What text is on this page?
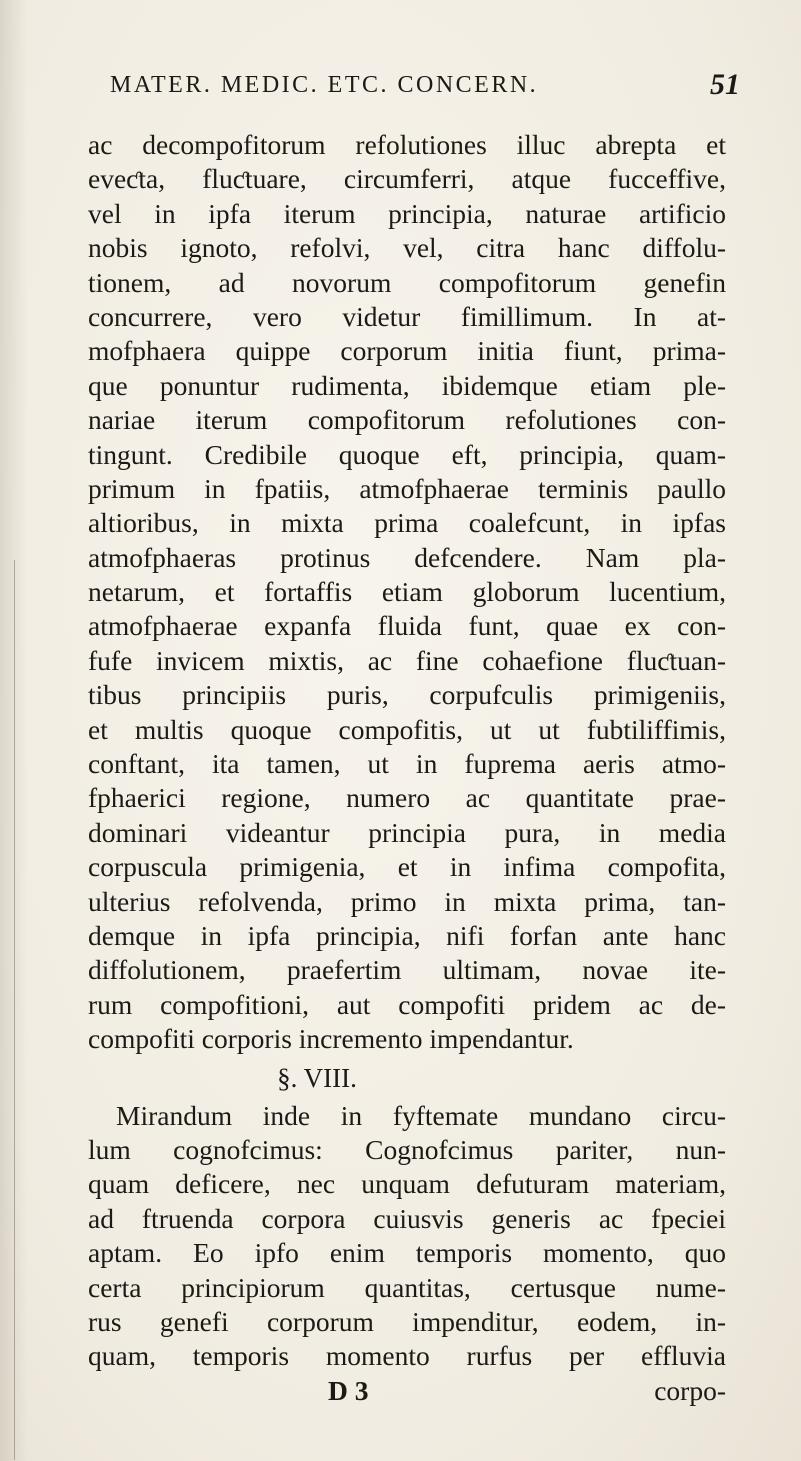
MATER. MEDIC. ETC. CONCERN.	51
ac decompofitorum refolutiones illuc abrepta et
eveƈta, fluƈtuare, circumferri, atque fucceffive,
vel in ipfa iterum principia, naturae artificio
nobis ignoto, refolvi, vel, citra hanc diffolu-
tionem, ad novorum compofitorum genefin
concurrere, vero videtur fimillimum. In at-
mofphaera quippe corporum initia fiunt, prima-
que ponuntur rudimenta, ibidemque etiam ple-
nariae iterum compofitorum refolutiones con-
tingunt. Credibile quoque eft, principia, quam-
primum in fpatiis, atmofphaerae terminis paullo
altioribus, in mixta prima coalefcunt, in ipfas
atmofphaeras protinus defcendere. Nam pla-
netarum, et fortaffis etiam globorum lucentium,
atmofphaerae expanfa fluida funt, quae ex con-
fufe invicem mixtis, ac fine cohaefione fluƈtuan-
tibus principiis puris, corpufculis primigeniis,
et multis quoque compofitis, ut ut fubtiliffimis,
conftant, ita tamen, ut in fuprema aeris atmo-
fphaerici regione, numero ac quantitate prae-
dominari videantur principia pura, in media
corpuscula primigenia, et in infima compofita,
ulterius refolvenda, primo in mixta prima, tan-
demque in ipfa principia, nifi forfan ante hanc
diffolutionem, praefertim ultimam, novae ite-
rum compofitioni, aut compofiti pridem ac de-
compofiti corporis incremento impendantur.
§. VIII.
Mirandum inde in fyftemate mundano circu-
lum cognofcimus: Cognofcimus pariter, nun-
quam deficere, nec unquam defuturam materiam,
ad ftruenda corpora cuiusvis generis ac fpeciei
aptam. Eo ipfo enim temporis momento, quo
certa principiorum quantitas, certusque nume-
rus genefi corporum impenditur, eodem, in-
quam, temporis momento rurfus per effluvia
D 3	corpo-
